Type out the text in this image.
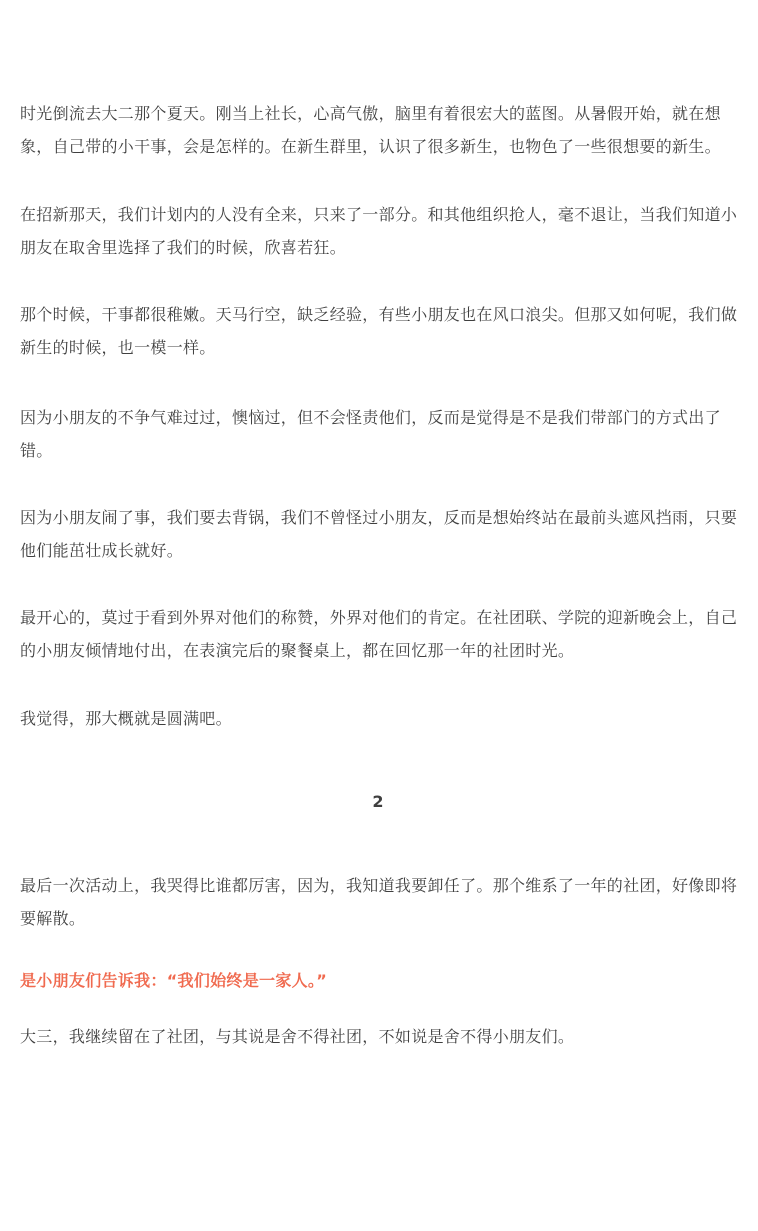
时光倒流去大二那个夏天。刚当上社长，心高气傲，脑里有着很宏大的蓝图。从暑假开始，就在想象，自己带的小干事，会是怎样的。在新生群里，认识了很多新生，也物色了一些很想要的新生。

在招新那天，我们计划内的人没有全来，只来了一部分。和其他组织抢人，毫不退让，当我们知道小朋友在取舍里选择了我们的时候，欣喜若狂。

那个时候，干事都很稚嫩。天马行空，缺乏经验，有些小朋友也在风口浪尖。但那又如何呢，我们做新生的时候，也一模一样。

因为小朋友的不争气难过过，懊恼过，但不会怪责他们，反而是觉得是不是我们带部门的方式出了错。

因为小朋友闹了事，我们要去背锅，我们不曾怪过小朋友，反而是想始终站在最前头遮风挡雨，只要他们能茁壮成长就好。

最开心的，莫过于看到外界对他们的称赞，外界对他们的肯定。在社团联、学院的迎新晚会上，自己的小朋友倾情地付出，在表演完后的聚餐桌上，都在回忆那一年的社团时光。

我觉得，那大概就是圆满吧。

2

最后一次活动上，我哭得比谁都厉害，因为，我知道我要卸任了。那个维系了一年的社团，好像即将要解散。

是小朋友们告诉我：“我们始终是一家人。”

大三，我继续留在了社团，与其说是舍不得社团，不如说是舍不得小朋友们。
